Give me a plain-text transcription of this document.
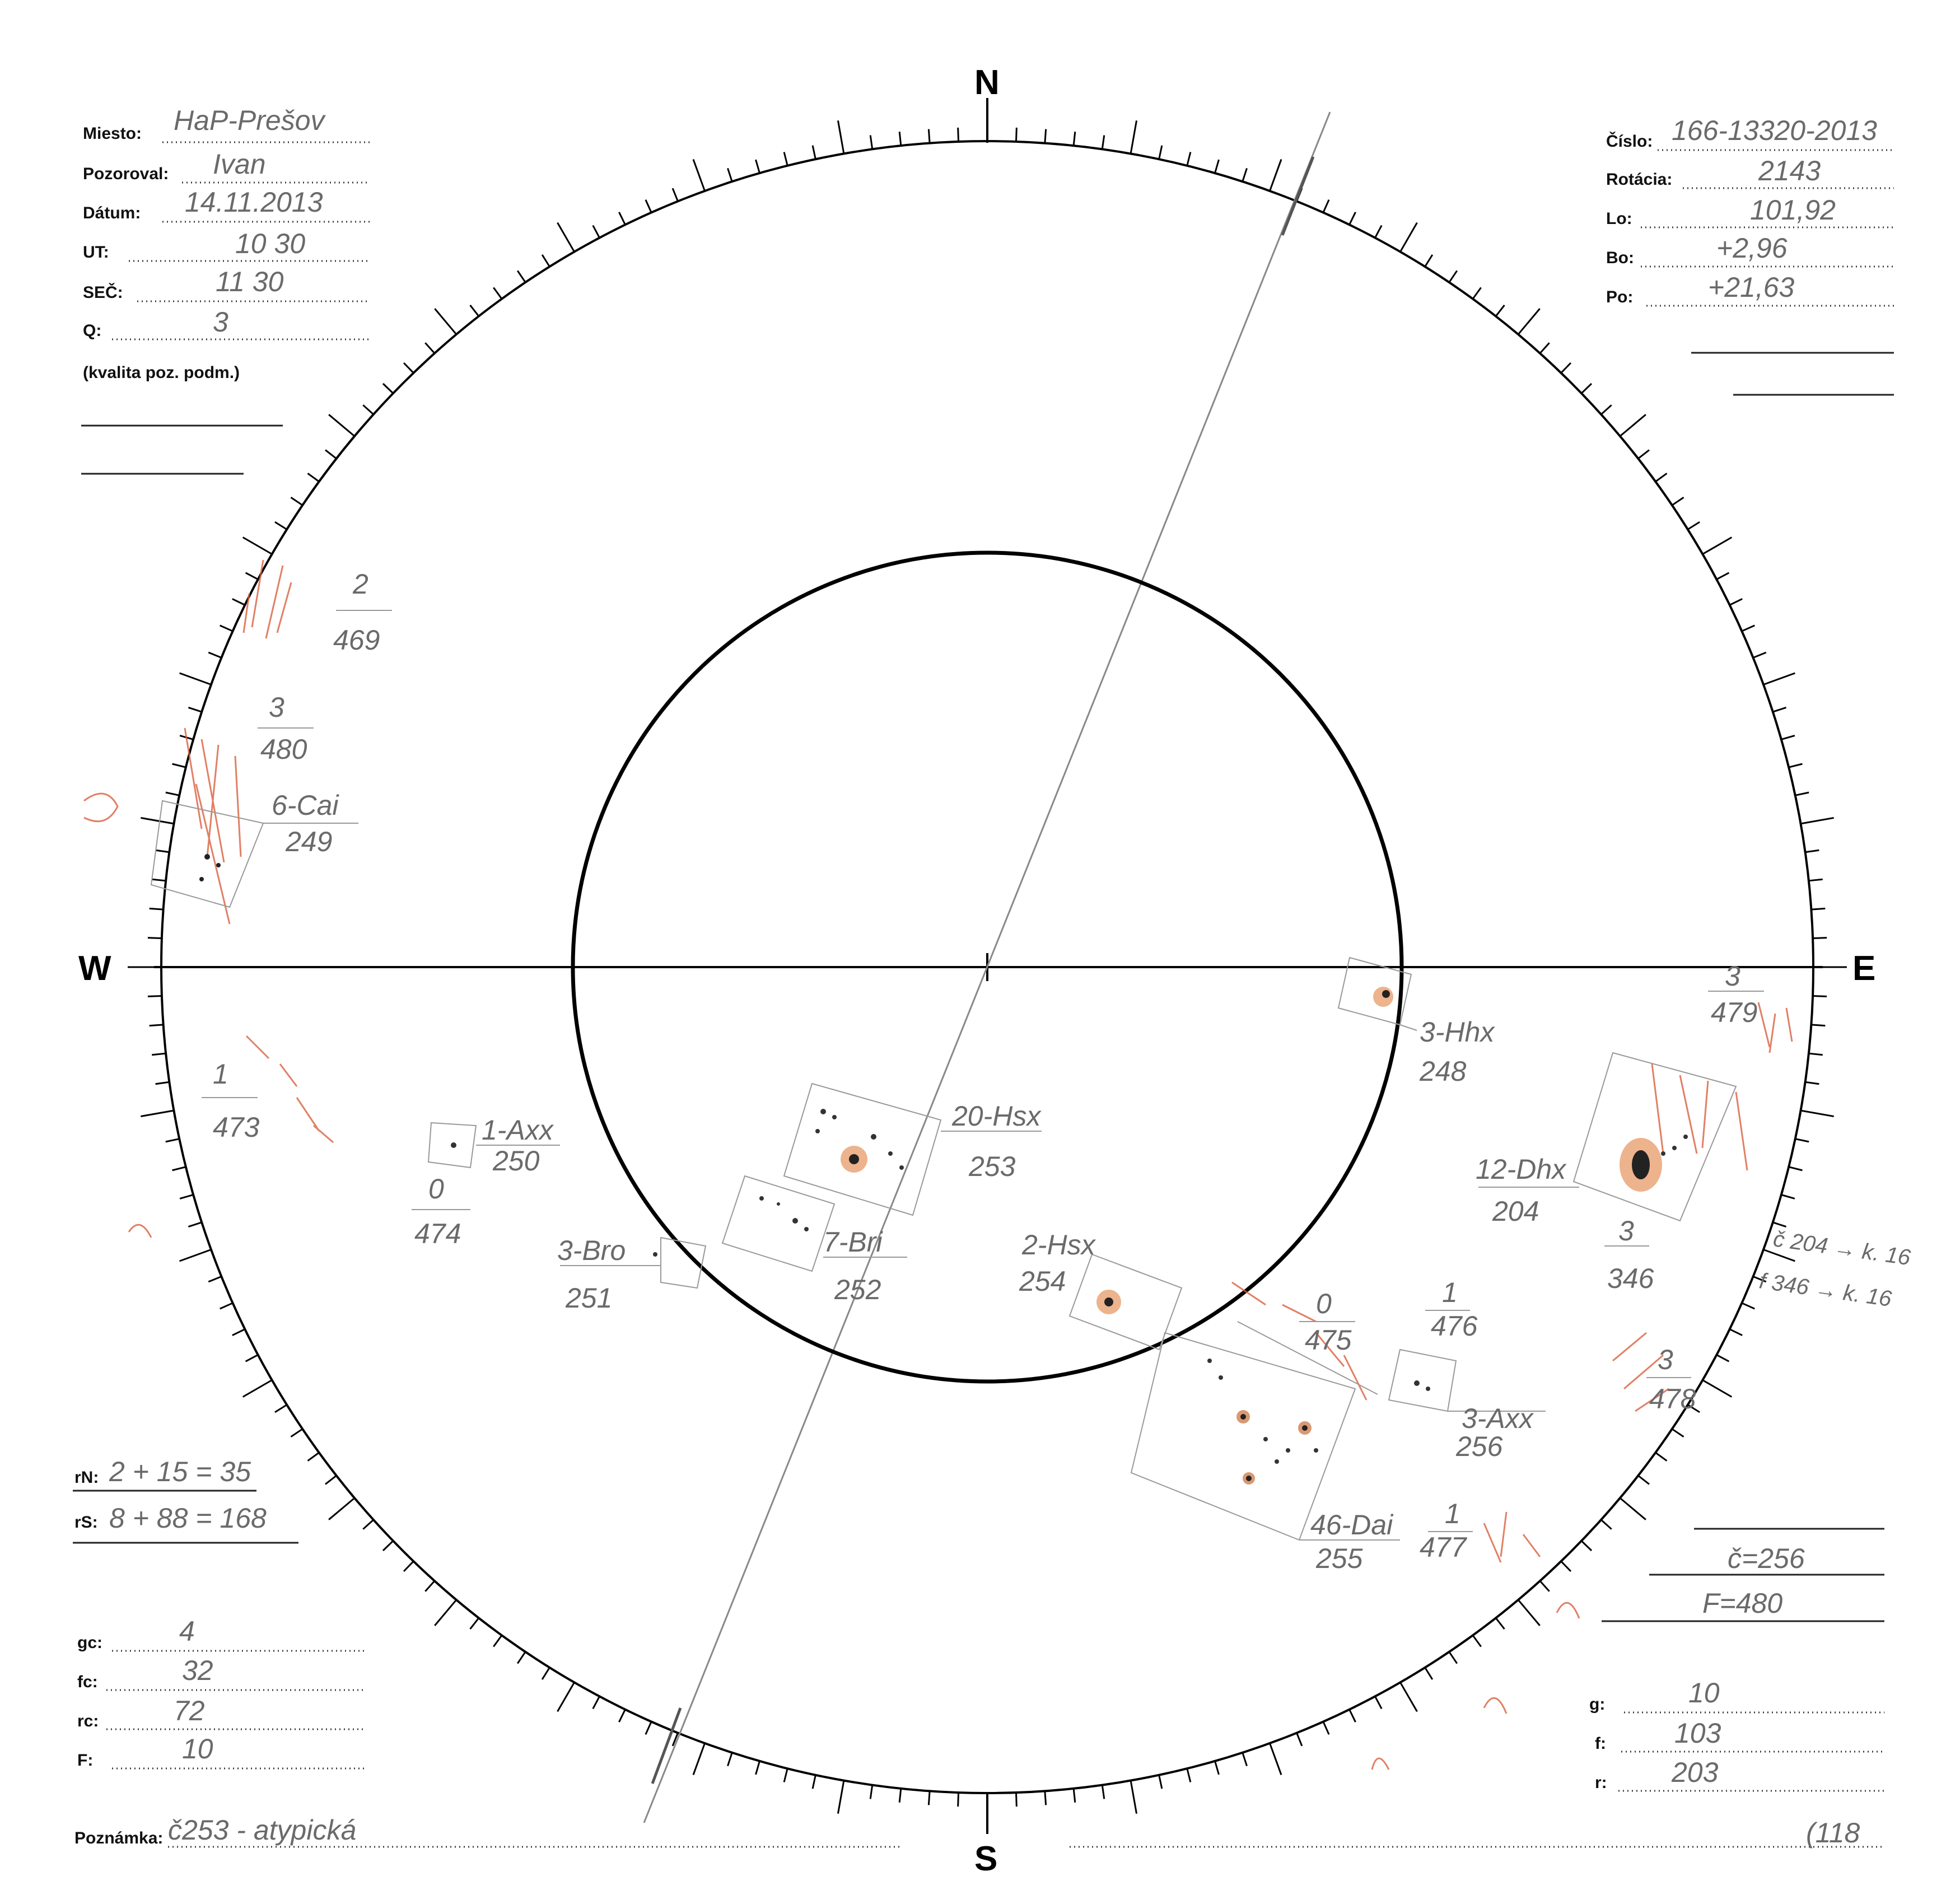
N
S
W	E
Miesto: HaP-Prešov
Pozoroval: Ivan
Dátum: 14.11.2013
UT:	10 30
SEČ:	11 30
Q:	3
(kvalita poz. podm.)
Číslo: 166-13320-2013
Rotácia:	2143
Lo:	101,92
Bo:	+2,96
Po:	+21,63
6-Cai
249
1-Axx
250
20-Hsx
253
7-Bri
252
3-Bro
251
2-Hsx
254
3-Hhx
248
12-Dhx
204
3-Axx
256
46-Dai
255
2
469
3
480
1
473
0
474
3
479
3
346
0
475
1
476
3
478
1
477
č 204 → k. 16
f 346 → k. 16
rN: 2 + 15 = 35
rS: 8 + 88 = 168
gc:	4
fc:	32
rc:	72
F:	10
č=256
F=480
g:	10
f: 103
r: 203
Poznámka: č253 - atypická	(118
